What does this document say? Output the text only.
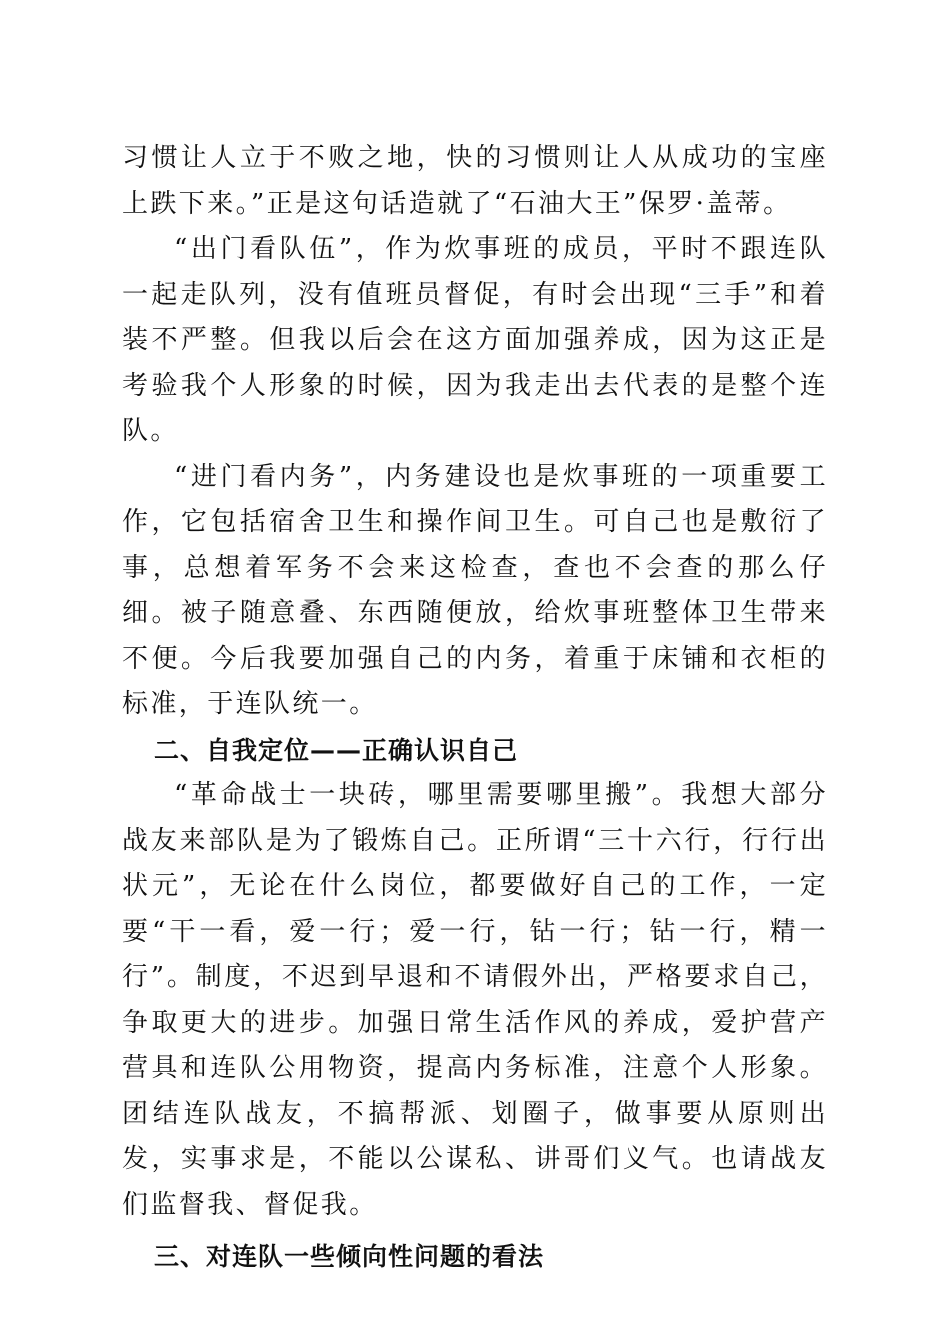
习惯让人立于不败之地，快的习惯则让人从成功的宝座上跌下来。”正是这句话造就了“石油大王”保罗·盖蒂。

“出门看队伍”，作为炊事班的成员，平时不跟连队一起走队列，没有值班员督促，有时会出现“三手”和着装不严整。但我以后会在这方面加强养成，因为这正是考验我个人形象的时候，因为我走出去代表的是整个连队。

“进门看内务”，内务建设也是炊事班的一项重要工作，它包括宿舍卫生和操作间卫生。可自己也是敷衍了事，总想着军务不会来这检查，查也不会查的那么仔细。被子随意叠、东西随便放，给炊事班整体卫生带来不便。今后我要加强自己的内务，着重于床铺和衣柜的标准，于连队统一。

二、自我定位——正确认识自己

“革命战士一块砖，哪里需要哪里搬”。我想大部分战友来部队是为了锻炼自己。正所谓“三十六行，行行出状元”，无论在什么岗位，都要做好自己的工作，一定要“干一看，爱一行；爱一行，钻一行；钻一行，精一行”。制度，不迟到早退和不请假外出，严格要求自己，争取更大的进步。加强日常生活作风的养成，爱护营产营具和连队公用物资，提高内务标准，注意个人形象。团结连队战友，不搞帮派、划圈子，做事要从原则出发，实事求是，不能以公谋私、讲哥们义气。也请战友们监督我、督促我。

三、对连队一些倾向性问题的看法
